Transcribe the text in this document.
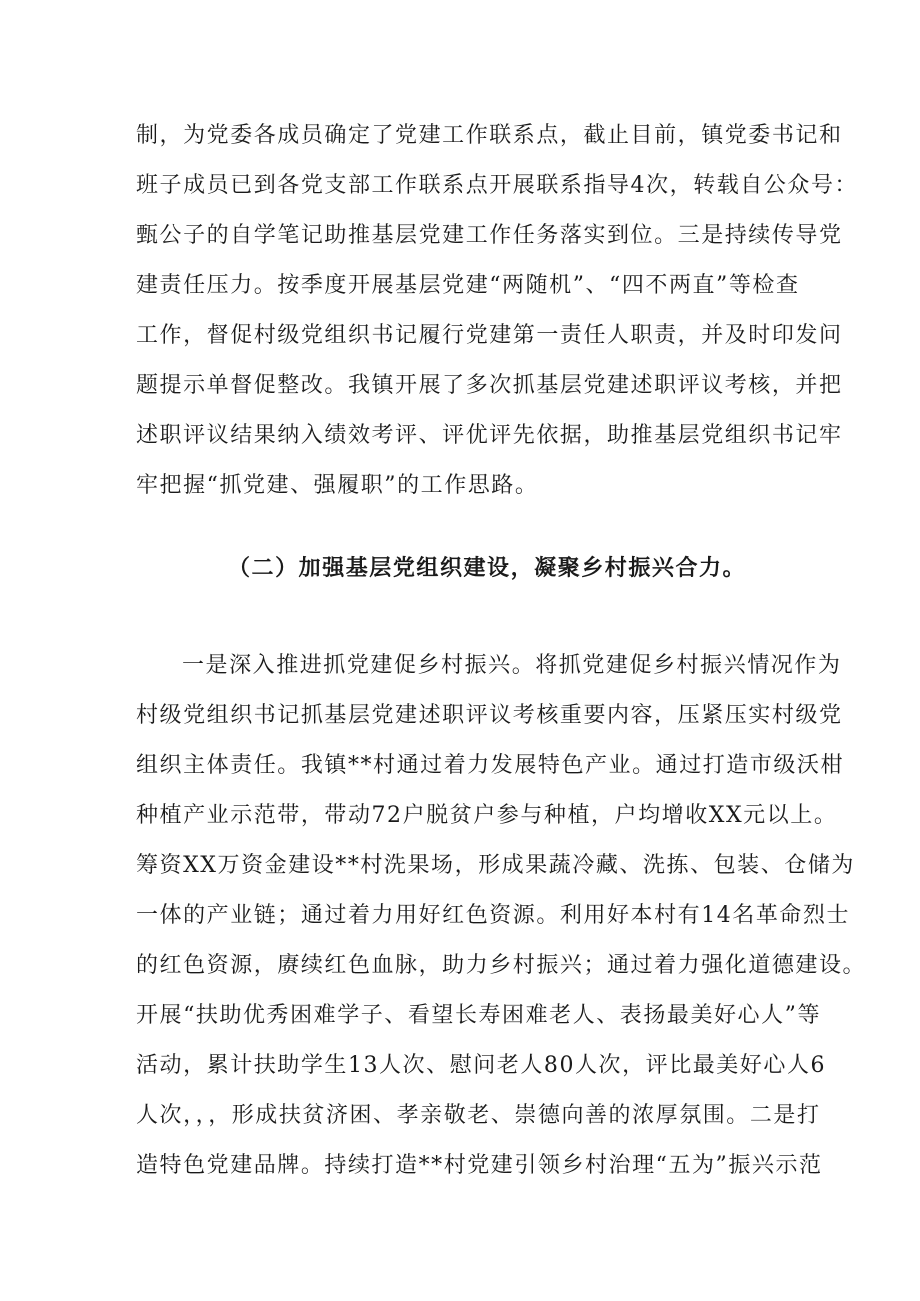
制，为党委各成员确定了党建工作联系点，截止目前，镇党委书记和

班子成员已到各党支部工作联系点开展联系指导4次，转载自公众号：

甄公子的自学笔记助推基层党建工作任务落实到位。三是持续传导党

建责任压力。按季度开展基层党建“两随机”、“四不两直”等检查

工作，督促村级党组织书记履行党建第一责任人职责，并及时印发问

题提示单督促整改。我镇开展了多次抓基层党建述职评议考核，并把

述职评议结果纳入绩效考评、评优评先依据，助推基层党组织书记牢

牢把握“抓党建、强履职”的工作思路。

（二）加强基层党组织建设，凝聚乡村振兴合力。

一是深入推进抓党建促乡村振兴。将抓党建促乡村振兴情况作为

村级党组织书记抓基层党建述职评议考核重要内容，压紧压实村级党

组织主体责任。我镇**村通过着力发展特色产业。通过打造市级沃柑

种植产业示范带，带动72户脱贫户参与种植，户均增收XX元以上。

筹资XX万资金建设**村洗果场，形成果蔬冷藏、洗拣、包装、仓储为

一体的产业链；通过着力用好红色资源。利用好本村有14名革命烈士

的红色资源，赓续红色血脉，助力乡村振兴；通过着力强化道德建设。

开展“扶助优秀困难学子、看望长寿困难老人、表扬最美好心人”等

活动，累计扶助学生13人次、慰问老人80人次，评比最美好心人6

人次，，，形成扶贫济困、孝亲敬老、崇德向善的浓厚氛围。二是打

造特色党建品牌。持续打造**村党建引领乡村治理“五为”振兴示范
